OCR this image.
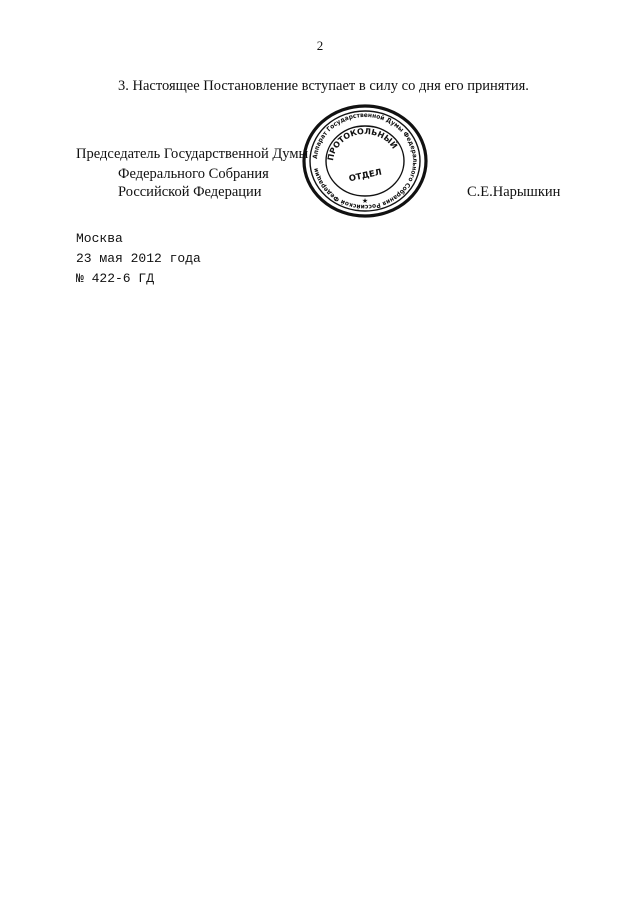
2
3. Настоящее Постановление вступает в силу со дня его принятия.
Председатель Государственной Думы
Федерального Собрания
Российской Федерации	С.Е.Нарышкин
Аппарат Государственной Думы Федерального Собрания Российской Федерации
ПРОТОКОЛЬНЫЙ
ОТДЕЛ
★
Москва
23 мая 2012 года
№ 422-6 ГД
